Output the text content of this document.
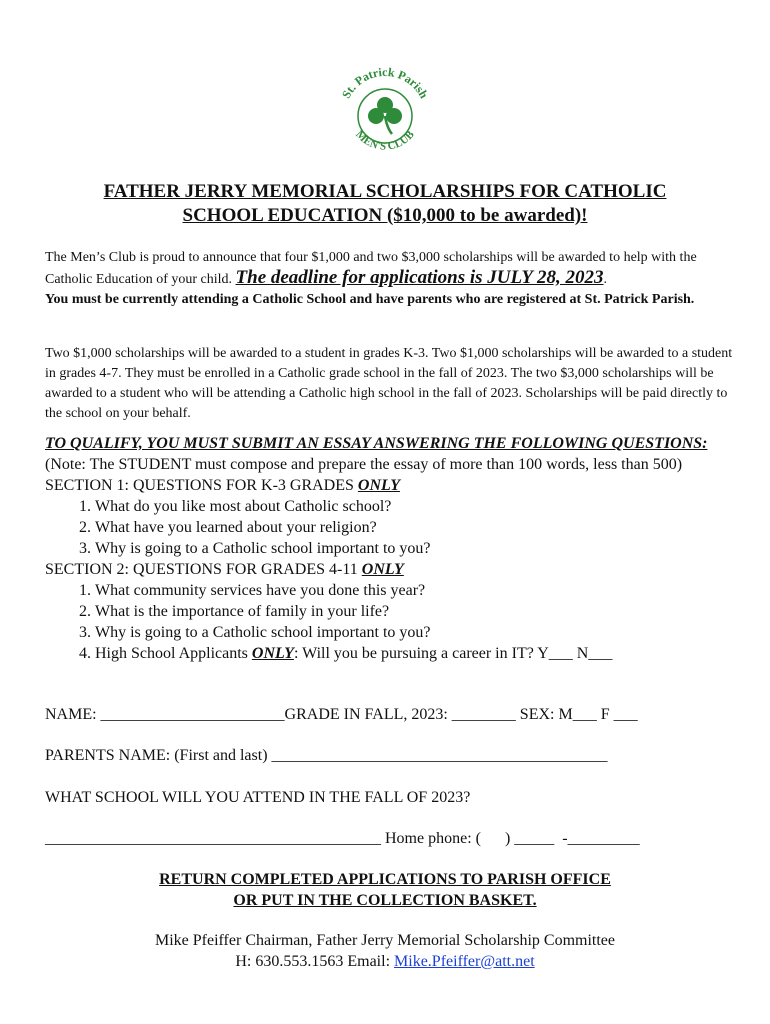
St. Patrick Parish
MEN'S CLUB
FATHER JERRY MEMORIAL SCHOLARSHIPS FOR CATHOLIC
SCHOOL EDUCATION ($10,000 to be awarded)!
The Men’s Club is proud to announce that four $1,000 and two $3,000 scholarships will be awarded to help with the Catholic Education of your child. The deadline for applications is JULY 28, 2023.
You must be currently attending a Catholic School and have parents who are registered at St. Patrick Parish.
Two $1,000 scholarships will be awarded to a student in grades K-3. Two $1,000 scholarships will be awarded to a student in grades 4-7. They must be enrolled in a Catholic grade school in the fall of 2023. The two $3,000 scholarships will be awarded to a student who will be attending a Catholic high school in the fall of 2023. Scholarships will be paid directly to the school on your behalf.
TO QUALIFY, YOU MUST SUBMIT AN ESSAY ANSWERING THE FOLLOWING QUESTIONS: (Note: The STUDENT must compose and prepare the essay of more than 100 words, less than 500)
SECTION 1: QUESTIONS FOR K-3 GRADES ONLY
1. What do you like most about Catholic school?
2. What have you learned about your religion?
3. Why is going to a Catholic school important to you?
SECTION 2: QUESTIONS FOR GRADES 4-11 ONLY
1. What community services have you done this year?
2. What is the importance of family in your life?
3. Why is going to a Catholic school important to you?
4. High School Applicants ONLY: Will you be pursuing a career in IT? Y___ N___
NAME: _______________________GRADE IN FALL, 2023: ________ SEX: M___ F ___
PARENTS NAME: (First and last) __________________________________________
WHAT SCHOOL WILL YOU ATTEND IN THE FALL OF 2023?
__________________________________________ Home phone: (      ) _____  -_________
RETURN COMPLETED APPLICATIONS TO PARISH OFFICE
OR PUT IN THE COLLECTION BASKET.
Mike Pfeiffer Chairman, Father Jerry Memorial Scholarship Committee
H: 630.553.1563 Email: Mike.Pfeiffer@att.net
